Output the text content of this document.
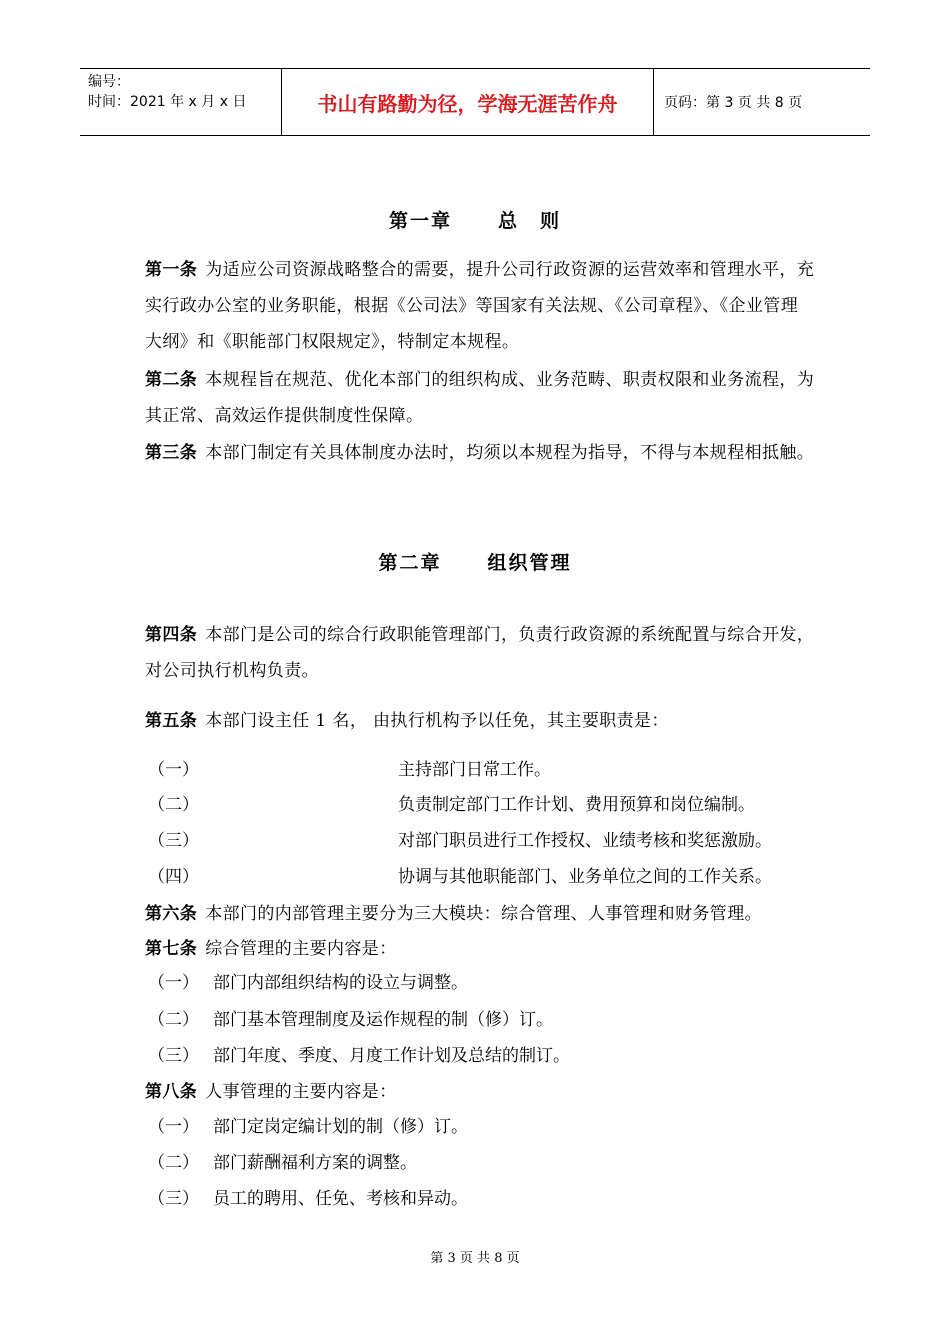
编号：
时间：2021 年 x 月 x 日	书山有路勤为径，学海无涯苦作舟	页码：第 3 页 共 8 页
第一章 总　则
第一条 为适应公司资源战略整合的需要，提升公司行政资源的运营效率和管理水平，充实行政办公室的业务职能，根据《公司法》等国家有关法规、《公司章程》、《企业管理大纲》和《职能部门权限规定》，特制定本规程。
第二条 本规程旨在规范、优化本部门的组织构成、业务范畴、职责权限和业务流程，为其正常、高效运作提供制度性保障。
第三条 本部门制定有关具体制度办法时，均须以本规程为指导，不得与本规程相抵触。
第二章 组织管理
第四条 本部门是公司的综合行政职能管理部门，负责行政资源的系统配置与综合开发，对公司执行机构负责。
第五条 本部门设主任 1 名， 由执行机构予以任免，其主要职责是：
（一）	主持部门日常工作。
（二）	负责制定部门工作计划、费用预算和岗位编制。
（三）	对部门职员进行工作授权、业绩考核和奖惩激励。
（四）	协调与其他职能部门、业务单位之间的工作关系。
第六条 本部门的内部管理主要分为三大模块：综合管理、人事管理和财务管理。
第七条 综合管理的主要内容是：
（一） 部门内部组织结构的设立与调整。
（二） 部门基本管理制度及运作规程的制（修）订。
（三） 部门年度、季度、月度工作计划及总结的制订。
第八条 人事管理的主要内容是：
（一） 部门定岗定编计划的制（修）订。
（二） 部门薪酬福利方案的调整。
（三） 员工的聘用、任免、考核和异动。
第 3 页 共 8 页
